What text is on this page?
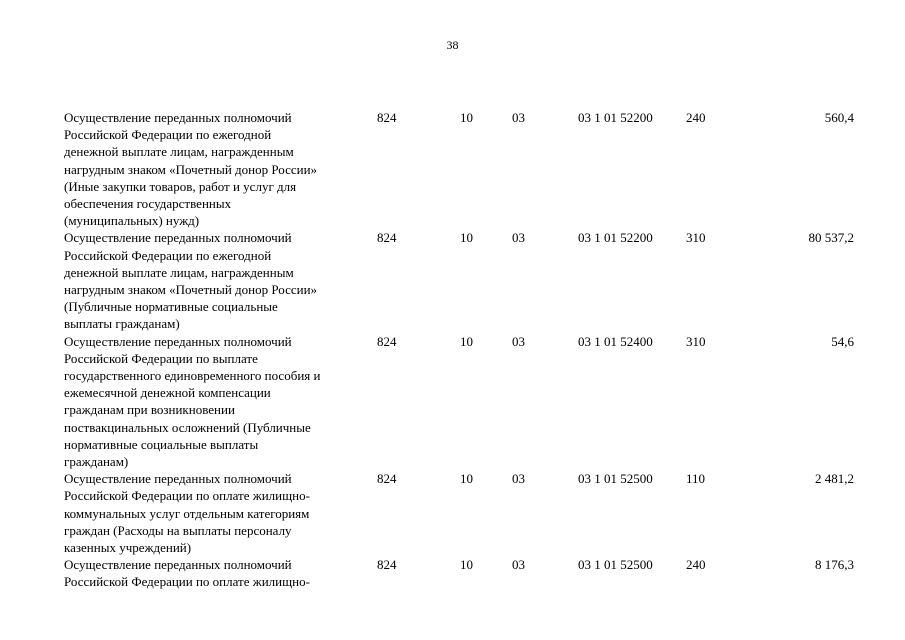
38
Осуществление переданных полномочий
Российской Федерации по ежегодной
денежной выплате лицам, награжденным
нагрудным знаком «Почетный донор России»
(Иные закупки товаров, работ и услуг для
обеспечения государственных
(муниципальных) нужд)
824	10	03	03 1 01 52200	240	560,4
Осуществление переданных полномочий
Российской Федерации по ежегодной
денежной выплате лицам, награжденным
нагрудным знаком «Почетный донор России»
(Публичные нормативные социальные
выплаты гражданам)
824	10	03	03 1 01 52200	310	80 537,2
Осуществление переданных полномочий
Российской Федерации по выплате
государственного единовременного пособия и
ежемесячной денежной компенсации
гражданам при возникновении
поствакцинальных осложнений (Публичные
нормативные социальные выплаты
гражданам)
824	10	03	03 1 01 52400	310	54,6
Осуществление переданных полномочий
Российской Федерации по оплате жилищно-
коммунальных услуг отдельным категориям
граждан (Расходы на выплаты персоналу
казенных учреждений)
824	10	03	03 1 01 52500	110	2 481,2
Осуществление переданных полномочий
Российской Федерации по оплате жилищно-
824	10	03	03 1 01 52500	240	8 176,3
